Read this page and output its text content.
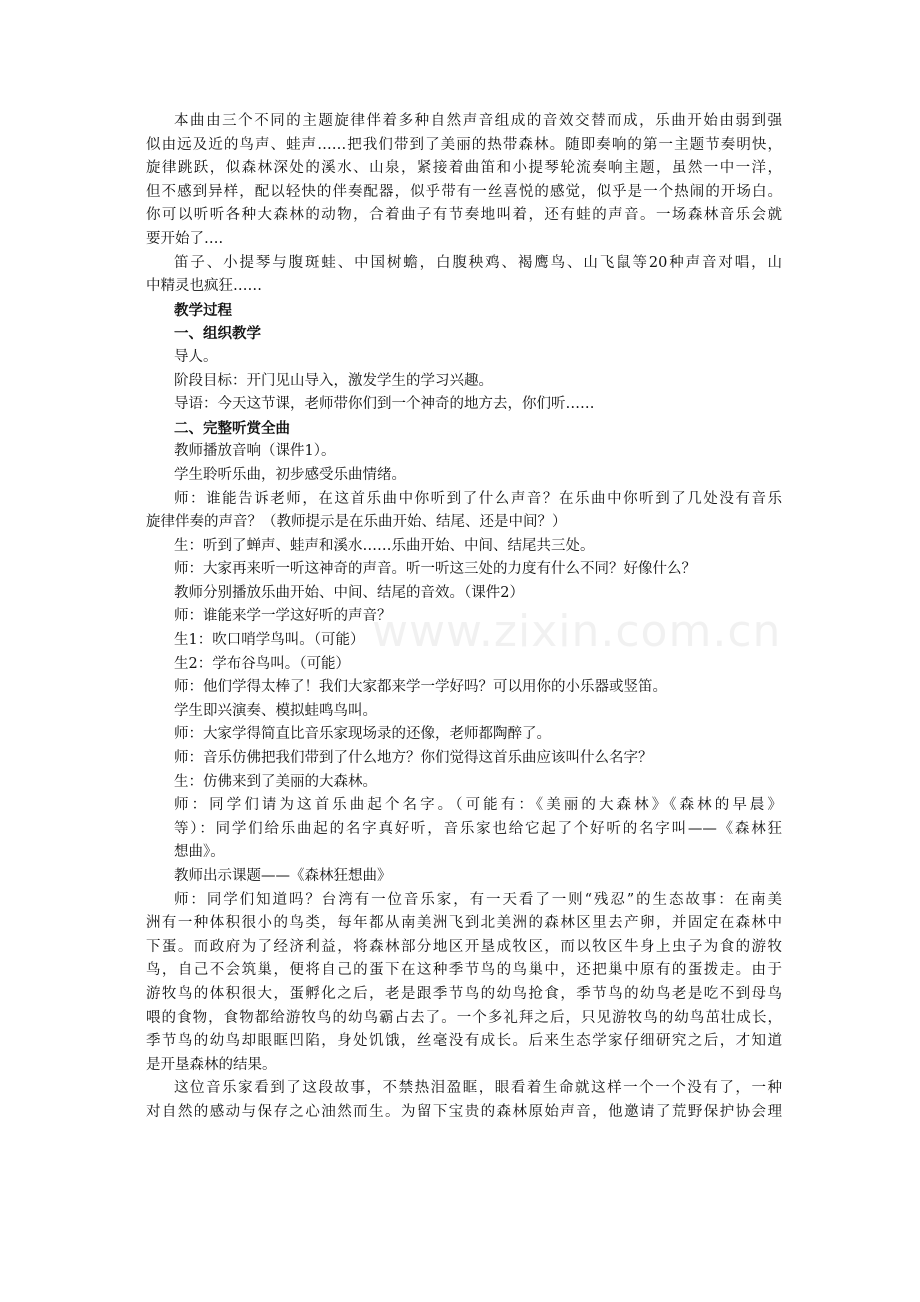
本曲由三个不同的主题旋律伴着多种自然声音组成的音效交替而成，乐曲开始由弱到强
似由远及近的鸟声、蛙声……把我们带到了美丽的热带森林。随即奏响的第一主题节奏明快，
旋律跳跃，似森林深处的溪水、山泉，紧接着曲笛和小提琴轮流奏响主题，虽然一中一洋，
但不感到异样，配以轻快的伴奏配器，似乎带有一丝喜悦的感觉，似乎是一个热闹的开场白。
你可以听听各种大森林的动物，合着曲子有节奏地叫着，还有蛙的声音。一场森林音乐会就
要开始了….
笛子、小提琴与腹斑蛙、中国树蟾，白腹秧鸡、褐鹰鸟、山飞鼠等20种声音对唱，山
中精灵也疯狂……
教学过程
一、组织教学
导人。
阶段目标：开门见山导入，激发学生的学习兴趣。
导语：今天这节课，老师带你们到一个神奇的地方去，你们听……
二、完整听赏全曲
教师播放音响（课件1）。
学生聆听乐曲，初步感受乐曲情绪。
师：谁能告诉老师，在这首乐曲中你听到了什么声音？在乐曲中你听到了几处没有音乐
旋律伴奏的声音？（教师提示是在乐曲开始、结尾、还是中间？）
生：听到了蝉声、蛙声和溪水……乐曲开始、中间、结尾共三处。
师：大家再来听一听这神奇的声音。听一听这三处的力度有什么不同？好像什么？
教师分别播放乐曲开始、中间、结尾的音效。（课件2）
师：谁能来学一学这好听的声音？
生1：吹口哨学鸟叫。（可能）
生2：学布谷鸟叫。（可能）
师：他们学得太棒了！我们大家都来学一学好吗？可以用你的小乐器或竖笛。
学生即兴演奏、模拟蛙鸣鸟叫。
师：大家学得简直比音乐家现场录的还像，老师都陶醉了。
师：音乐仿佛把我们带到了什么地方？你们觉得这首乐曲应该叫什么名字？
生：仿佛来到了美丽的大森林。
师：同学们请为这首乐曲起个名字。（可能有：《美丽的大森林》《森林的早晨》
等）：同学们给乐曲起的名字真好听，音乐家也给它起了个好听的名字叫——《森林狂
想曲》。
教师出示课题——《森林狂想曲》
师：同学们知道吗？台湾有一位音乐家，有一天看了一则“残忍”的生态故事：在南美
洲有一种体积很小的鸟类，每年都从南美洲飞到北美洲的森林区里去产卵，并固定在森林中
下蛋。而政府为了经济利益，将森林部分地区开垦成牧区，而以牧区牛身上虫子为食的游牧
鸟，自己不会筑巢，便将自己的蛋下在这种季节鸟的鸟巢中，还把巢中原有的蛋拨走。由于
游牧鸟的体积很大，蛋孵化之后，老是跟季节鸟的幼鸟抢食，季节鸟的幼鸟老是吃不到母鸟
喂的食物，食物都给游牧鸟的幼鸟霸占去了。一个多礼拜之后，只见游牧鸟的幼鸟茁壮成长，
季节鸟的幼鸟却眼眶凹陷，身处饥饿，丝毫没有成长。后来生态学家仔细研究之后，才知道
是开垦森林的结果。
这位音乐家看到了这段故事，不禁热泪盈眶，眼看着生命就这样一个一个没有了，一种
对自然的感动与保存之心油然而生。为留下宝贵的森林原始声音，他邀请了荒野保护协会理
www.zixin.com.cn
